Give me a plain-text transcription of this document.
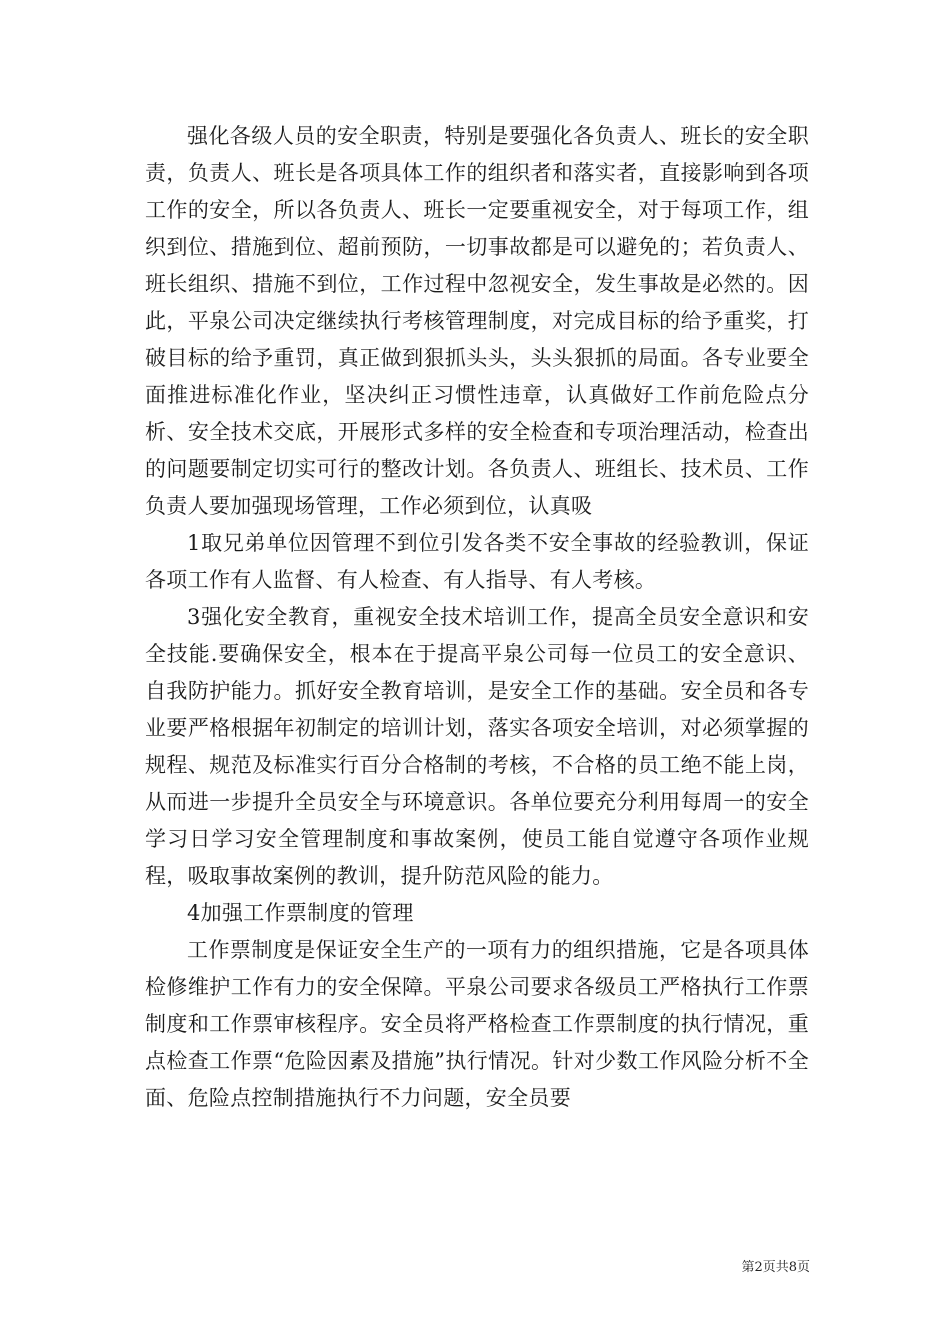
强化各级人员的安全职责，特别是要强化各负责人、班长的安全职责，负责人、班长是各项具体工作的组织者和落实者，直接影响到各项工作的安全，所以各负责人、班长一定要重视安全，对于每项工作，组织到位、措施到位、超前预防，一切事故都是可以避免的；若负责人、班长组织、措施不到位，工作过程中忽视安全，发生事故是必然的。因此，平泉公司决定继续执行考核管理制度，对完成目标的给予重奖，打破目标的给予重罚，真正做到狠抓头头，头头狠抓的局面。各专业要全面推进标准化作业，坚决纠正习惯性违章，认真做好工作前危险点分析、安全技术交底，开展形式多样的安全检查和专项治理活动，检查出的问题要制定切实可行的整改计划。各负责人、班组长、技术员、工作负责人要加强现场管理，工作必须到位，认真吸

1取兄弟单位因管理不到位引发各类不安全事故的经验教训，保证各项工作有人监督、有人检查、有人指导、有人考核。

3强化安全教育，重视安全技术培训工作，提高全员安全意识和安全技能.要确保安全，根本在于提高平泉公司每一位员工的安全意识、自我防护能力。抓好安全教育培训，是安全工作的基础。安全员和各专业要严格根据年初制定的培训计划，落实各项安全培训，对必须掌握的规程、规范及标准实行百分合格制的考核，不合格的员工绝不能上岗，从而进一步提升全员安全与环境意识。各单位要充分利用每周一的安全学习日学习安全管理制度和事故案例，使员工能自觉遵守各项作业规程，吸取事故案例的教训，提升防范风险的能力。

4加强工作票制度的管理

工作票制度是保证安全生产的一项有力的组织措施，它是各项具体检修维护工作有力的安全保障。平泉公司要求各级员工严格执行工作票制度和工作票审核程序。安全员将严格检查工作票制度的执行情况，重点检查工作票“危险因素及措施”执行情况。针对少数工作风险分析不全面、危险点控制措施执行不力问题，安全员要

第2页共8页
